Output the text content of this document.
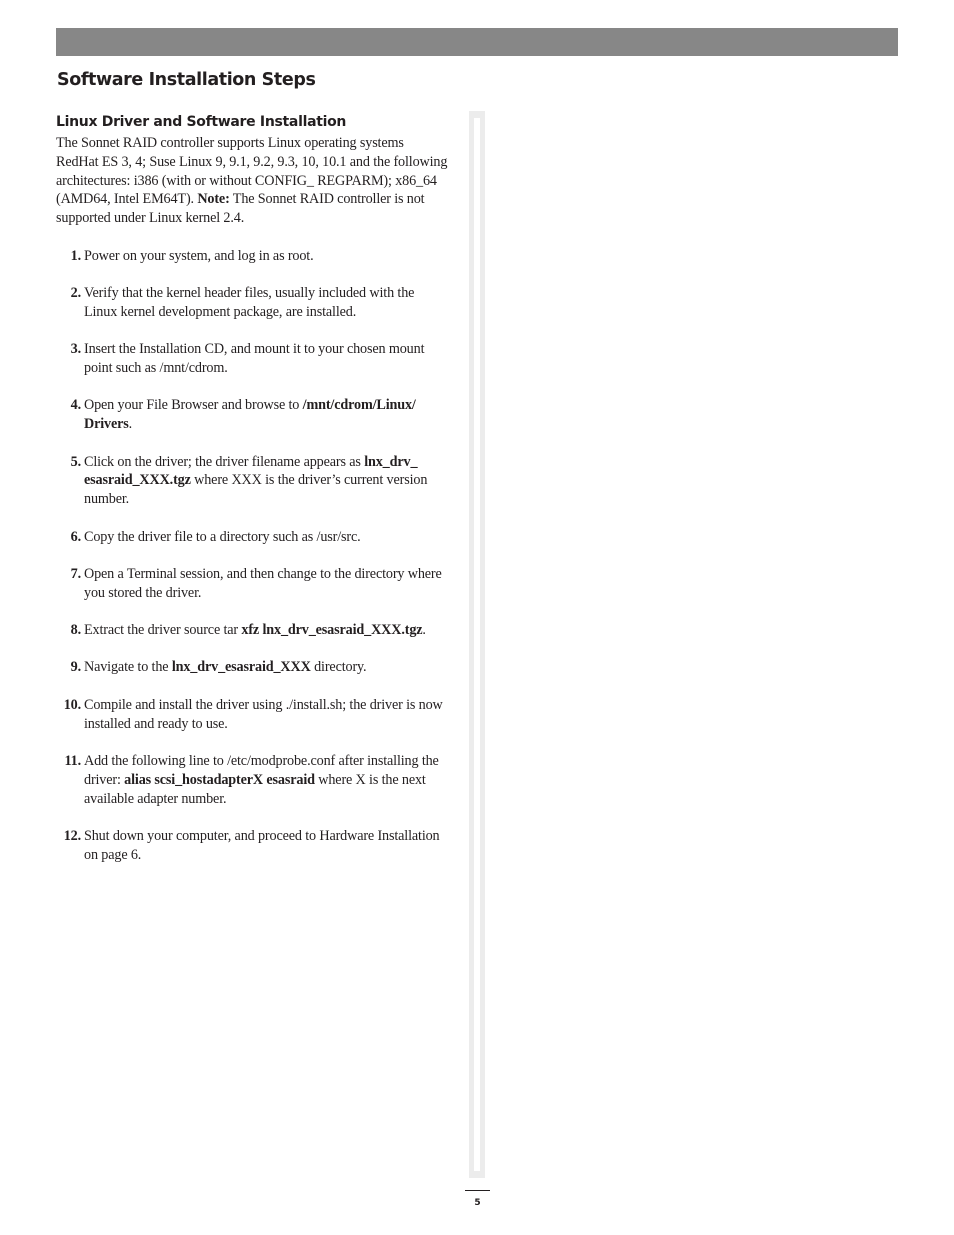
Software Installation Steps
Linux Driver and Software Installation

The Sonnet RAID controller supports Linux operating systems RedHat ES 3, 4; Suse Linux 9, 9.1, 9.2, 9.3, 10, 10.1 and the following architectures: i386 (with or without CONFIG_ REGPARM); x86_64 (AMD64, Intel EM64T). Note: The Sonnet RAID controller is not supported under Linux kernel 2.4.

1. Power on your system, and log in as root.
2. Verify that the kernel header files, usually included with the Linux kernel development package, are installed.
3. Insert the Installation CD, and mount it to your chosen mount point such as /mnt/cdrom.
4. Open your File Browser and browse to /mnt/cdrom/Linux/ Drivers.
5. Click on the driver; the driver filename appears as lnx_drv_ esasraid_XXX.tgz where XXX is the driver’s current version number.
6. Copy the driver file to a directory such as /usr/src.
7. Open a Terminal session, and then change to the directory where you stored the driver.
8. Extract the driver source tar xfz lnx_drv_esasraid_XXX.tgz.
9. Navigate to the lnx_drv_esasraid_XXX directory.
10. Compile and install the driver using ./install.sh; the driver is now installed and ready to use.
11. Add the following line to /etc/modprobe.conf after installing the driver: alias scsi_hostadapterX esasraid where X is the next available adapter number.
12. Shut down your computer, and proceed to Hardware Installation on page 6.
5
